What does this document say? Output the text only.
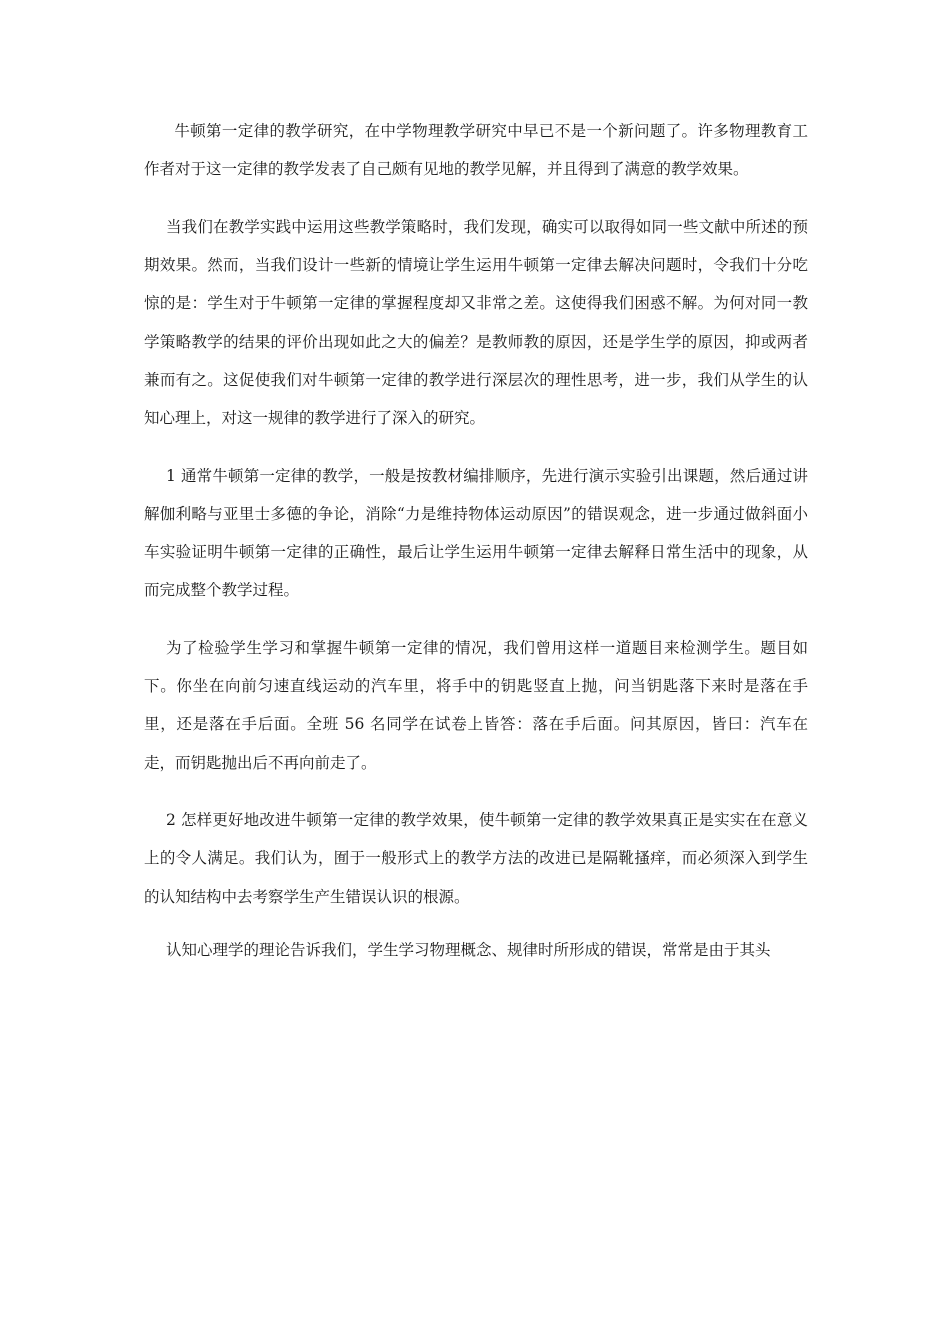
牛顿第一定律的教学研究，在中学物理教学研究中早已不是一个新问题了。许多物理教育工作者对于这一定律的教学发表了自己颇有见地的教学见解，并且得到了满意的教学效果。

当我们在教学实践中运用这些教学策略时，我们发现，确实可以取得如同一些文献中所述的预期效果。然而，当我们设计一些新的情境让学生运用牛顿第一定律去解决问题时，令我们十分吃惊的是：学生对于牛顿第一定律的掌握程度却又非常之差。这使得我们困惑不解。为何对同一教学策略教学的结果的评价出现如此之大的偏差？是教师教的原因，还是学生学的原因，抑或两者兼而有之。这促使我们对牛顿第一定律的教学进行深层次的理性思考，进一步，我们从学生的认知心理上，对这一规律的教学进行了深入的研究。

1 通常牛顿第一定律的教学，一般是按教材编排顺序，先进行演示实验引出课题，然后通过讲解伽利略与亚里士多德的争论，消除“力是维持物体运动原因”的错误观念，进一步通过做斜面小车实验证明牛顿第一定律的正确性，最后让学生运用牛顿第一定律去解释日常生活中的现象，从而完成整个教学过程。

为了检验学生学习和掌握牛顿第一定律的情况，我们曾用这样一道题目来检测学生。题目如下。你坐在向前匀速直线运动的汽车里，将手中的钥匙竖直上抛，问当钥匙落下来时是落在手里，还是落在手后面。全班 56 名同学在试卷上皆答：落在手后面。问其原因，皆曰：汽车在走，而钥匙抛出后不再向前走了。

2 怎样更好地改进牛顿第一定律的教学效果，使牛顿第一定律的教学效果真正是实实在在意义上的令人满足。我们认为，囿于一般形式上的教学方法的改进已是隔靴搔痒，而必须深入到学生的认知结构中去考察学生产生错误认识的根源。

认知心理学的理论告诉我们，学生学习物理概念、规律时所形成的错误，常常是由于其头
